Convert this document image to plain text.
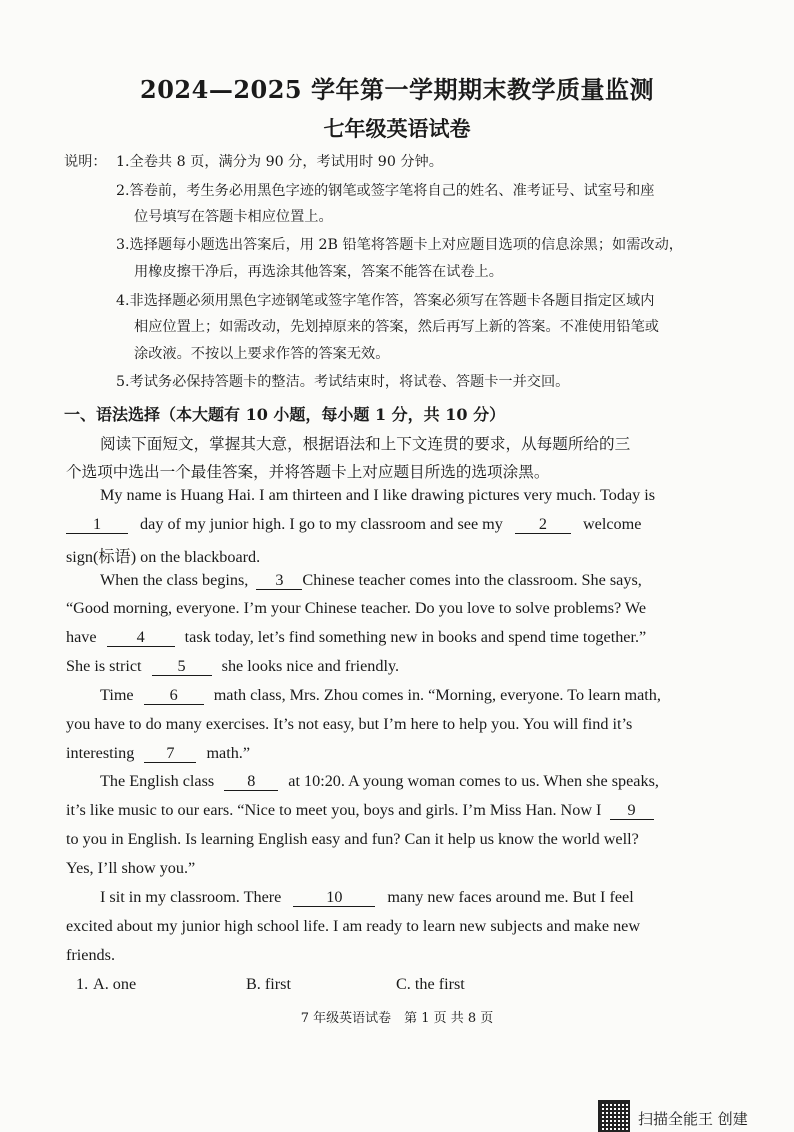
2024—2025 学年第一学期期末教学质量监测
七年级英语试卷
说明： 1.全卷共 8 页，满分为 90 分，考试用时 90 分钟。
2.答卷前，考生务必用黑色字迹的钢笔或签字笔将自己的姓名、准考证号、试室号和座
位号填写在答题卡相应位置上。
3.选择题每小题选出答案后，用 2B 铅笔将答题卡上对应题目选项的信息涂黑；如需改动，
用橡皮擦干净后，再选涂其他答案，答案不能答在试卷上。
4.非选择题必须用黑色字迹钢笔或签字笔作答，答案必须写在答题卡各题目指定区域内
相应位置上；如需改动，先划掉原来的答案，然后再写上新的答案。不准使用铅笔或
涂改液。不按以上要求作答的答案无效。
5.考试务必保持答题卡的整洁。考试结束时，将试卷、答题卡一并交回。
一、语法选择（本大题有 10 小题，每小题 1 分，共 10 分）
阅读下面短文，掌握其大意，根据语法和上下文连贯的要求，从每题所给的三
个选项中选出一个最佳答案，并将答题卡上对应题目所选的选项涂黑。
My name is Huang Hai. I am thirteen and I like drawing pictures very much. Today is
1 day of my junior high. I go to my classroom and see my 2 welcome
sign(标语) on the blackboard.
When the class begins, 3 Chinese teacher comes into the classroom. She says,
“Good morning, everyone. I’m your Chinese teacher. Do you love to solve problems? We
have 4 task today, let’s find something new in books and spend time together.”
She is strict 5 she looks nice and friendly.
Time 6 math class, Mrs. Zhou comes in. “Morning, everyone. To learn math,
you have to do many exercises. It’s not easy, but I’m here to help you. You will find it’s
interesting 7 math.”
The English class 8 at 10:20. A young woman comes to us. When she speaks,
it’s like music to our ears. “Nice to meet you, boys and girls. I’m Miss Han. Now I 9
to you in English. Is learning English easy and fun? Can it help us know the world well?
Yes, I’ll show you.”
I sit in my classroom. There	10	many new faces around me. But I feel
excited about my junior high school life. I am ready to learn new subjects and make new
friends.
1. A. one	B. first	C. the first
7 年级英语试卷　第 1 页 共 8 页
扫描全能王 创建
